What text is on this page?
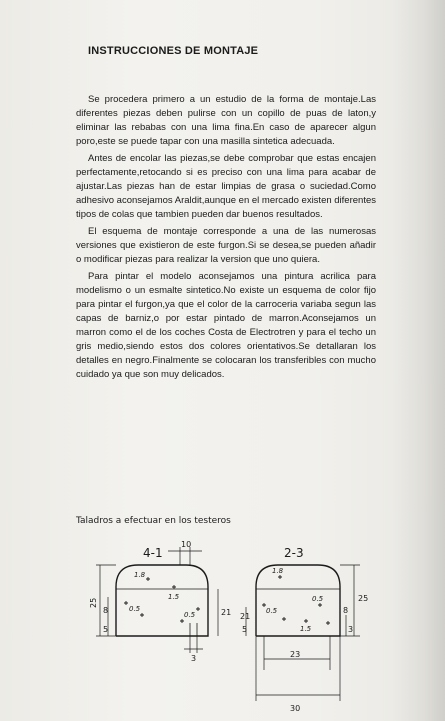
INSTRUCCIONES DE MONTAJE

Se procedera primero a un estudio de la forma de montaje.Las diferentes piezas deben pulirse con un copillo de puas de laton,y eliminar las rebabas con una lima fina.En caso de aparecer algun poro,este se puede tapar con una masilla sintetica adecuada.

Antes de encolar las piezas,se debe comprobar que estas encajen perfectamente,retocando si es preciso con una lima para acabar de ajustar.Las piezas han de estar limpias de grasa o suciedad.Como adhesivo aconsejamos Araldit,aunque en el mercado existen diferentes tipos de colas que tambien pueden dar buenos resultados.

El esquema de montaje corresponde a una de las numerosas versiones que existieron de este furgon.Si se desea,se pueden añadir o modificar piezas para realizar la version que uno quiera.

Para pintar el modelo aconsejamos una pintura acrilica para modelismo o un esmalte sintetico.No existe un esquema de color fijo para pintar el furgon,ya que el color de la carroceria variaba segun las capas de barniz,o por estar pintado de marron.Aconsejamos un marron como el de los coches Costa de Electrotren y para el techo un gris medio,siendo estos dos colores orientativos.Se detallaran los detalles en negro.Finalmente se colocaran los transferibles con mucho cuidado ya que son muy delicados.

Taladros a efectuar en los testeros
4-1	2-3
10
25
8
5
21
3
21
5
25
8
3
23
30
1.8
1.5
0.5
1.8
0.5
0.5
1.5
0.5
